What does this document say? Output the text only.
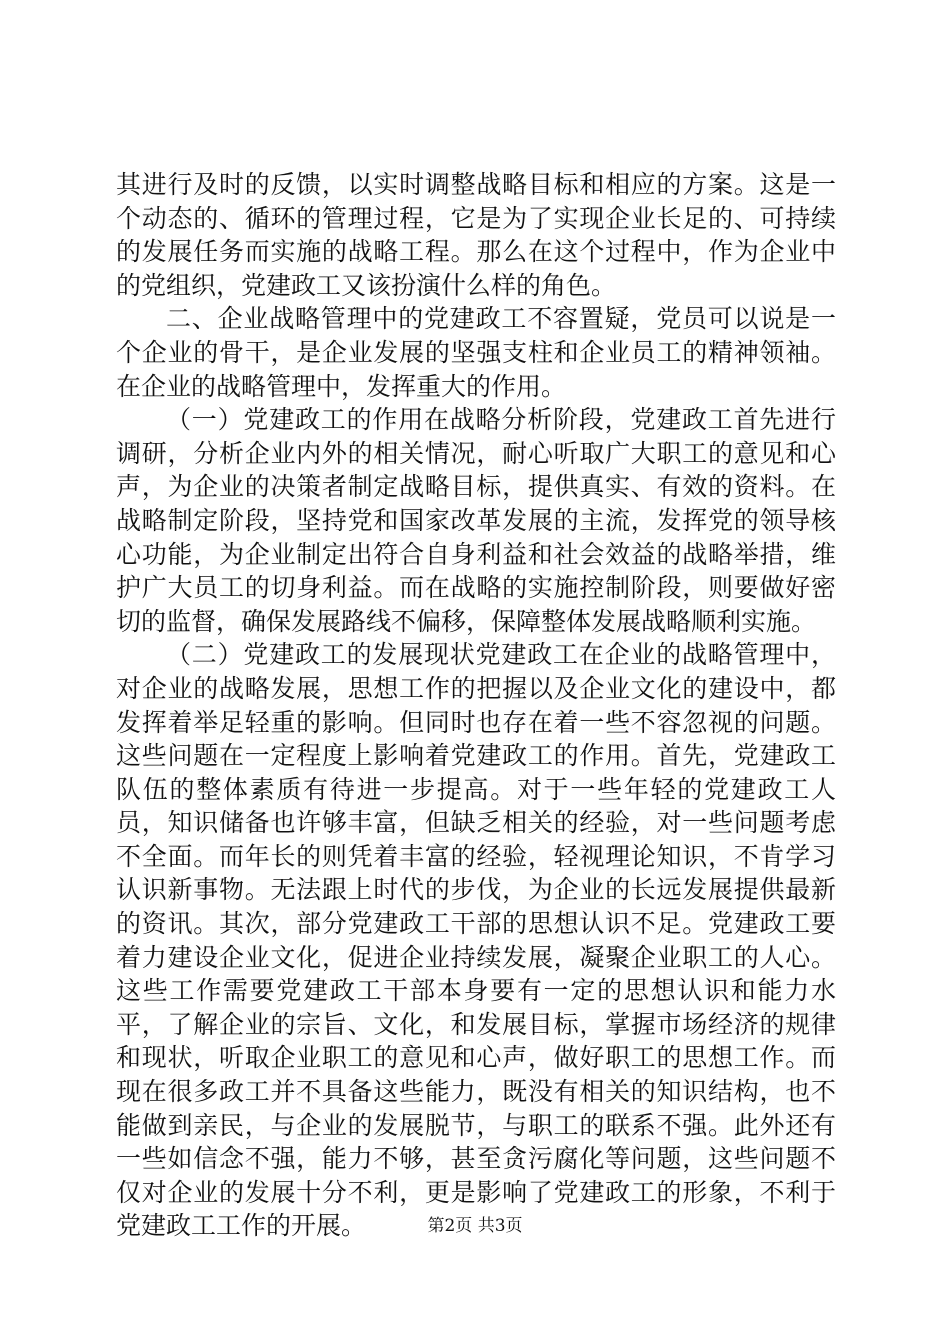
其进行及时的反馈，以实时调整战略目标和相应的方案。这是一个动态的、循环的管理过程，它是为了实现企业长足的、可持续的发展任务而实施的战略工程。那么在这个过程中，作为企业中的党组织，党建政工又该扮演什么样的角色。

二、企业战略管理中的党建政工不容置疑，党员可以说是一个企业的骨干，是企业发展的坚强支柱和企业员工的精神领袖。在企业的战略管理中，发挥重大的作用。

（一）党建政工的作用在战略分析阶段，党建政工首先进行调研，分析企业内外的相关情况，耐心听取广大职工的意见和心声，为企业的决策者制定战略目标，提供真实、有效的资料。在战略制定阶段，坚持党和国家改革发展的主流，发挥党的领导核心功能，为企业制定出符合自身利益和社会效益的战略举措，维护广大员工的切身利益。而在战略的实施控制阶段，则要做好密切的监督，确保发展路线不偏移，保障整体发展战略顺利实施。

（二）党建政工的发展现状党建政工在企业的战略管理中，对企业的战略发展，思想工作的把握以及企业文化的建设中，都发挥着举足轻重的影响。但同时也存在着一些不容忽视的问题。这些问题在一定程度上影响着党建政工的作用。首先，党建政工队伍的整体素质有待进一步提高。对于一些年轻的党建政工人员，知识储备也许够丰富，但缺乏相关的经验，对一些问题考虑不全面。而年长的则凭着丰富的经验，轻视理论知识，不肯学习认识新事物。无法跟上时代的步伐，为企业的长远发展提供最新的资讯。其次，部分党建政工干部的思想认识不足。党建政工要着力建设企业文化，促进企业持续发展，凝聚企业职工的人心。这些工作需要党建政工干部本身要有一定的思想认识和能力水平，了解企业的宗旨、文化，和发展目标，掌握市场经济的规律和现状，听取企业职工的意见和心声，做好职工的思想工作。而现在很多政工并不具备这些能力，既没有相关的知识结构，也不能做到亲民，与企业的发展脱节，与职工的联系不强。此外还有一些如信念不强，能力不够，甚至贪污腐化等问题，这些问题不仅对企业的发展十分不利，更是影响了党建政工的形象，不利于党建政工工作的开展。	第2页 共3页
